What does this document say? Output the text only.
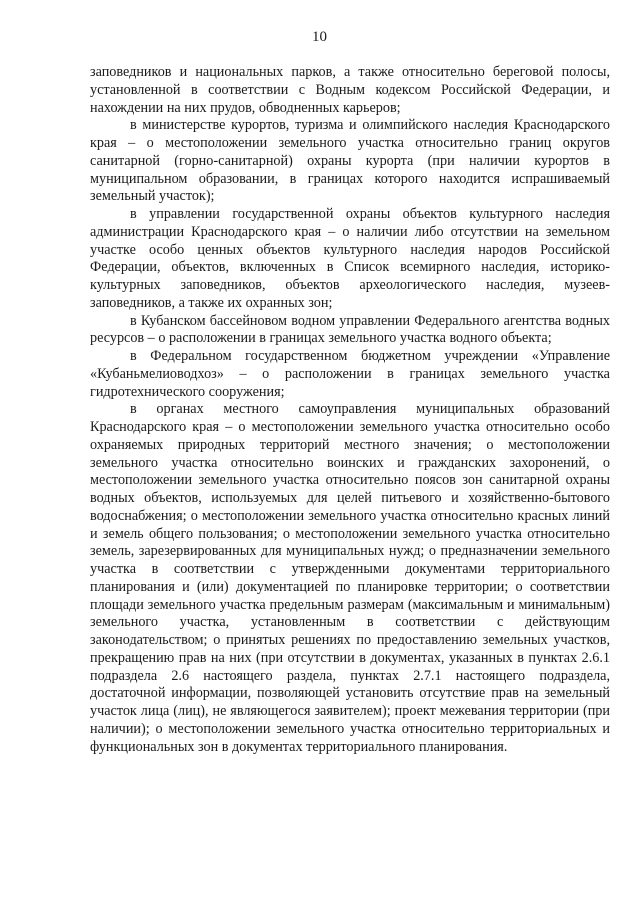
10

заповедников и национальных парков, а также относительно береговой полосы, установленной в соответствии с Водным кодексом Российской Федерации, и нахождении на них прудов, обводненных карьеров;

в министерстве курортов, туризма и олимпийского наследия Краснодарского края – о местоположении земельного участка относительно границ округов санитарной (горно-санитарной) охраны курорта (при наличии курортов в муниципальном образовании, в границах которого находится испрашиваемый земельный участок);

в управлении государственной охраны объектов культурного наследия администрации Краснодарского края – о наличии либо отсутствии на земельном участке особо ценных объектов культурного наследия народов Российской Федерации, объектов, включенных в Список всемирного наследия, историко-культурных заповедников, объектов археологического наследия, музеев-заповедников, а также их охранных зон;

в Кубанском бассейновом водном управлении Федерального агентства водных ресурсов – о расположении в границах земельного участка водного объекта;

в Федеральном государственном бюджетном учреждении «Управление «Кубаньмелиоводхоз» – о расположении в границах земельного участка гидротехнического сооружения;

в органах местного самоуправления муниципальных образований Краснодарского края – о местоположении земельного участка относительно особо охраняемых природных территорий местного значения; о местоположении земельного участка относительно воинских и гражданских захоронений, о местоположении земельного участка относительно поясов зон санитарной охраны водных объектов, используемых для целей питьевого и хозяйственно-бытового водоснабжения; о местоположении земельного участка относительно красных линий и земель общего пользования; о местоположении земельного участка относительно земель, зарезервированных для муниципальных нужд; о предназначении земельного участка в соответствии с утвержденными документами территориального планирования и (или) документацией по планировке территории; о соответствии площади земельного участка предельным размерам (максимальным и минимальным) земельного участка, установленным в соответствии с действующим законодательством; о принятых решениях по предоставлению земельных участков, прекращению прав на них (при отсутствии в документах, указанных в пунктах 2.6.1 подраздела 2.6 настоящего раздела, пунктах 2.7.1 настоящего подраздела, достаточной информации, позволяющей установить отсутствие прав на земельный участок лица (лиц), не являющегося заявителем); проект межевания территории (при наличии); о местоположении земельного участка относительно территориальных и функциональных зон в документах территориального планирования.
